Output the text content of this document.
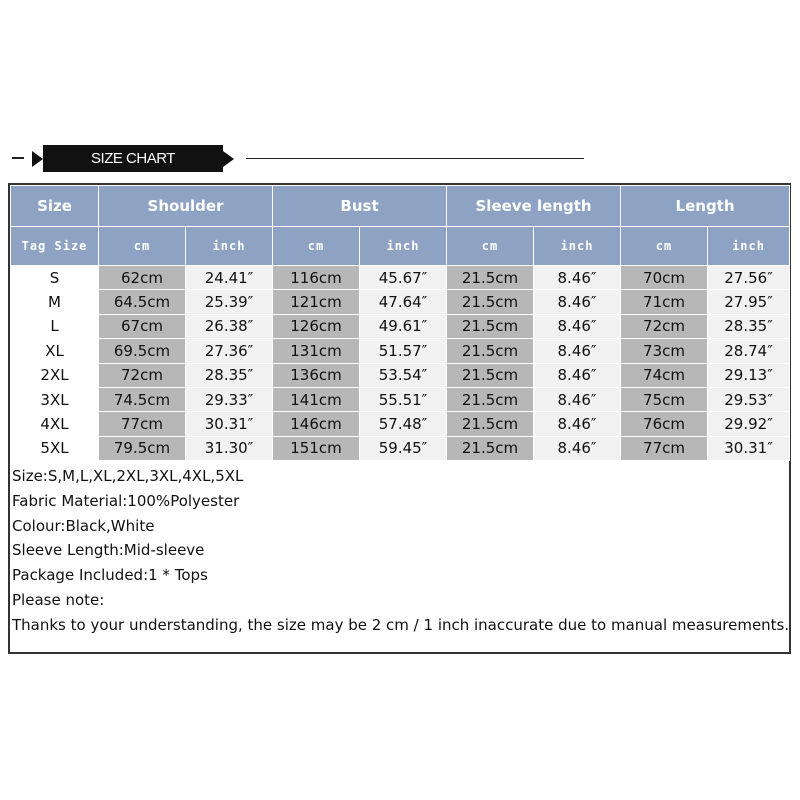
SIZE CHART
Size	Shoulder		Bust		Sleeve length		Length	
Tag Size	cm	inch	cm	inch	cm	inch	cm	inch
S	62cm	24.41″	116cm	45.67″	21.5cm	8.46″	70cm	27.56″
M	64.5cm	25.39″	121cm	47.64″	21.5cm	8.46″	71cm	27.95″
L	67cm	26.38″	126cm	49.61″	21.5cm	8.46″	72cm	28.35″
XL	69.5cm	27.36″	131cm	51.57″	21.5cm	8.46″	73cm	28.74″
2XL	72cm	28.35″	136cm	53.54″	21.5cm	8.46″	74cm	29.13″
3XL	74.5cm	29.33″	141cm	55.51″	21.5cm	8.46″	75cm	29.53″
4XL	77cm	30.31″	146cm	57.48″	21.5cm	8.46″	76cm	29.92″
5XL	79.5cm	31.30″	151cm	59.45″	21.5cm	8.46″	77cm	30.31″
Size:S,M,L,XL,2XL,3XL,4XL,5XL
Fabric Material:100%Polyester
Colour:Black,White
Sleeve Length:Mid-sleeve
Package Included:1 * Tops
Please note:
Thanks to your understanding, the size may be 2 cm / 1 inch inaccurate due to manual measurements.
